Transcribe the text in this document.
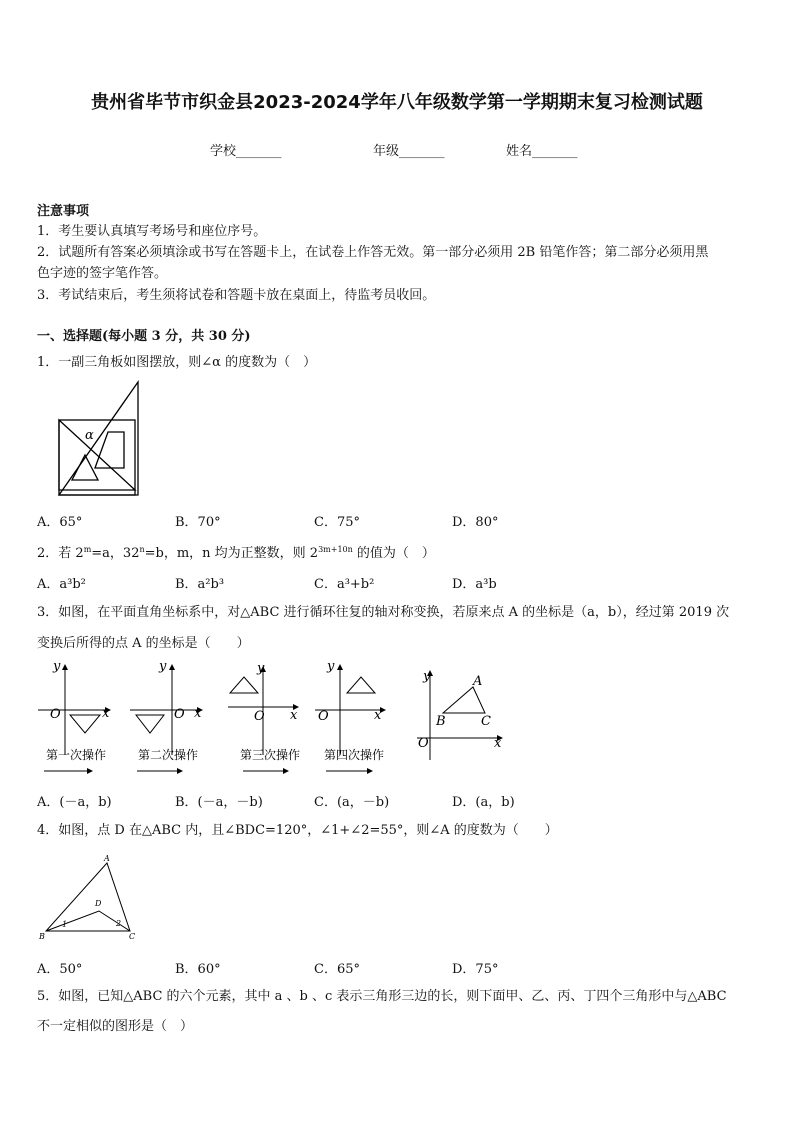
贵州省毕节市织金县2023-2024学年八年级数学第一学期期末复习检测试题
学校_______	年级_______	姓名_______
注意事项
1．考生要认真填写考场号和座位序号。
2．试题所有答案必须填涂或书写在答题卡上，在试卷上作答无效。第一部分必须用 2B 铅笔作答；第二部分必须用黑
色字迹的签字笔作答。
3．考试结束后，考生须将试卷和答题卡放在桌面上，待监考员收回。
一、选择题(每小题 3 分，共 30 分)
1．一副三角板如图摆放，则∠α 的度数为（　）
α
A．65°	B．70°	C．75°	D．80°
2．若 $2^m=a$，$32^n=b$，m，n 均为正整数，则 $2^{3m+10n}$ 的值为（　）
A．a³b²	B．a²b³	C．a³+b²	D．a³b
3．如图，在平面直角坐标系中，对△ABC 进行循环往复的轴对称变换，若原来点 A 的坐标是（a，b），经过第 2019 次
变换后所得的点 A 的坐标是（　　）
y
x
O
y
x
O
y
x
O
y
x
O
y
x
O
A
B	C
第一次操作	第二次操作	第三次操作 第四次操作
A．(－a，b)	B．(－a，－b)	C．(a，－b)	D．(a，b)
4．如图，点 D 在△ABC 内，且∠BDC=120°，∠1+∠2=55°，则∠A 的度数为（　　）
A
B	C
D
1	2
A．50°	B．60°	C．65°	D．75°
5．如图，已知△ABC 的六个元素，其中 a 、b 、c 表示三角形三边的长，则下面甲、乙、丙、丁四个三角形中与△ABC
不一定相似的图形是（　）
